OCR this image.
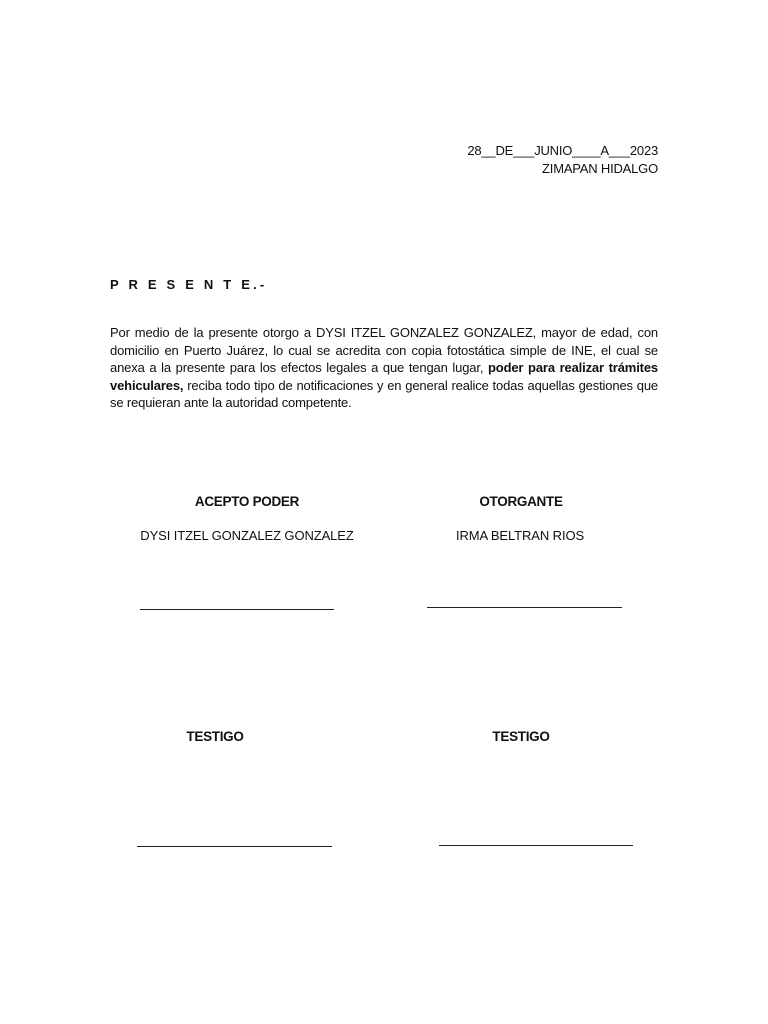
28__DE___JUNIO____A___2023
ZIMAPAN HIDALGO
P R E S E N T E.-

Por medio de la presente otorgo a DYSI ITZEL GONZALEZ GONZALEZ, mayor de edad, con domicilio en Puerto Juárez, lo cual se acredita con copia fotostática simple de INE, el cual se anexa a la presente para los efectos legales a que tengan lugar, poder para realizar trámites vehiculares, reciba todo tipo de notificaciones y en general realice todas aquellas gestiones que se requieran ante la autoridad competente.

ACEPTO PODER
DYSI ITZEL GONZALEZ GONZALEZ
OTORGANTE
IRMA BELTRAN RIOS
TESTIGO	TESTIGO
